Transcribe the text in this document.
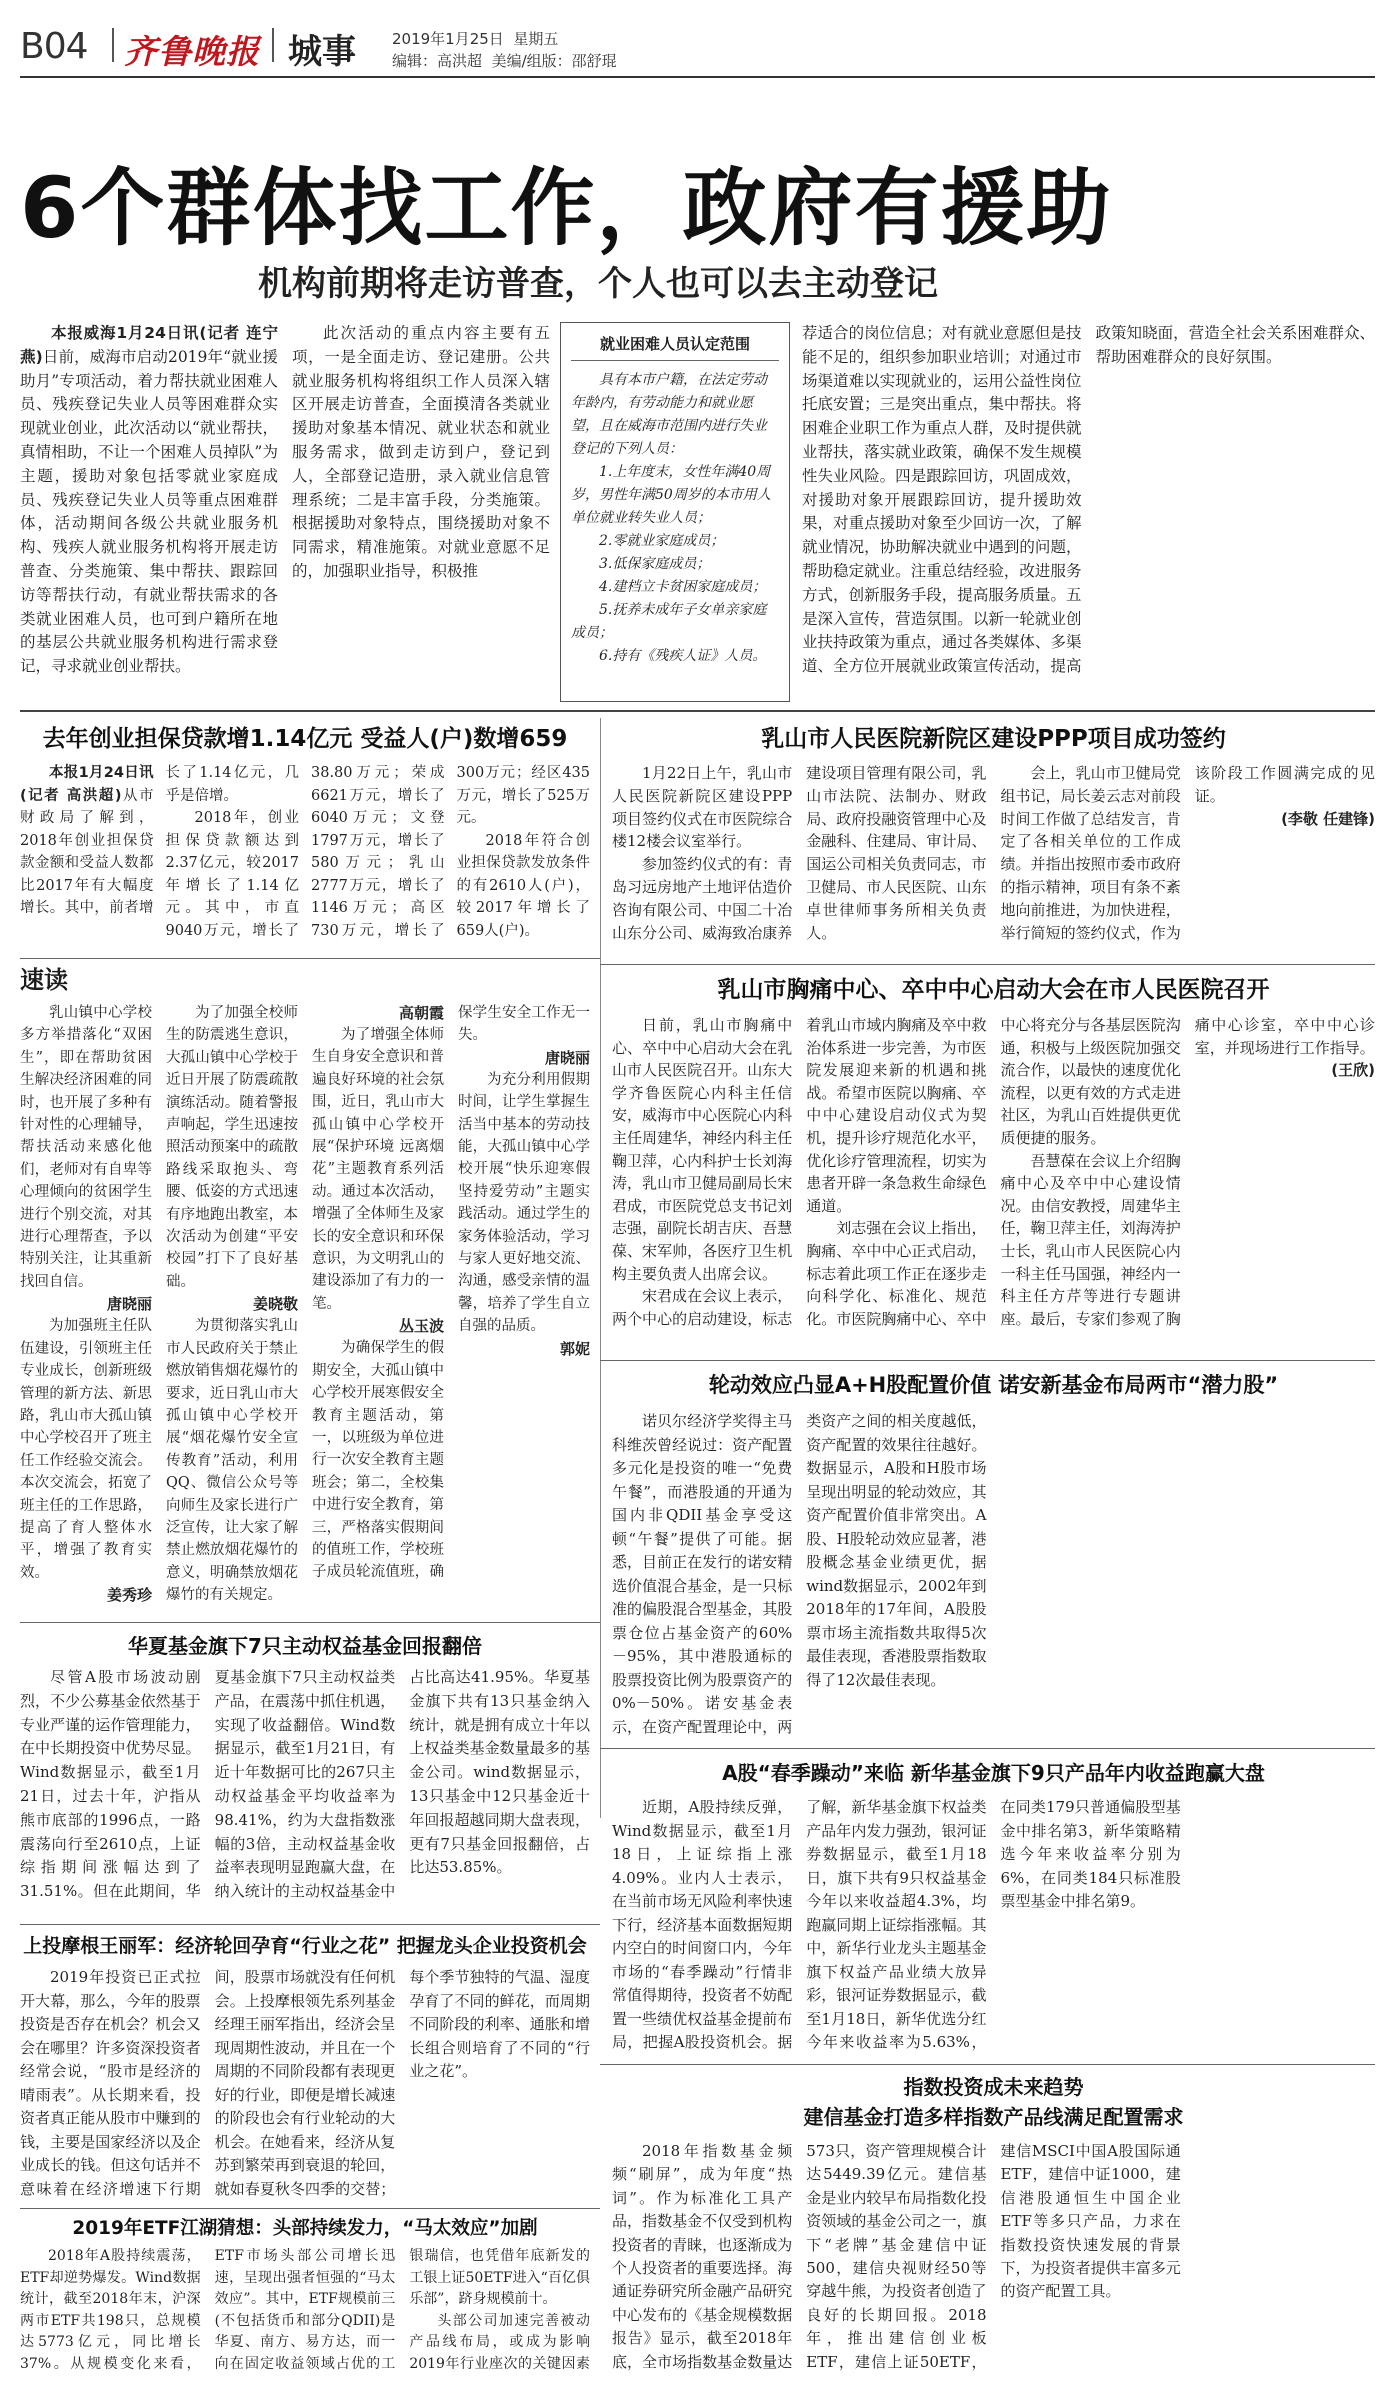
B04 齐鲁晚报 城事 2019年1月25日 星期五
编辑：高洪超 美编/组版：邵舒琨
6个群体找工作，政府有援助
机构前期将走访普查，个人也可以去主动登记

本报威海1月24日讯(记者 连宁燕)日前，威海市启动2019年“就业援助月”专项活动，着力帮扶就业困难人员、残疾登记失业人员等困难群众实现就业创业，此次活动以“就业帮扶，真情相助，不让一个困难人员掉队”为主题，援助对象包括零就业家庭成员、残疾登记失业人员等重点困难群体，活动期间各级公共就业服务机构、残疾人就业服务机构将开展走访普查、分类施策、集中帮扶、跟踪回访等帮扶行动，有就业帮扶需求的各类就业困难人员，也可到户籍所在地的基层公共就业服务机构进行需求登记，寻求就业创业帮扶。

此次活动的重点内容主要有五项，一是全面走访、登记建册。公共就业服务机构将组织工作人员深入辖区开展走访普查，全面摸清各类就业援助对象基本情况、就业状态和就业服务需求，做到走访到户，登记到人，全部登记造册，录入就业信息管理系统；二是丰富手段，分类施策。根据援助对象特点，围绕援助对象不同需求，精准施策。对就业意愿不足的，加强职业指导，积极推

就业困难人员认定范围

具有本市户籍，在法定劳动年龄内，有劳动能力和就业愿望，且在威海市范围内进行失业登记的下列人员：

1.上年度末，女性年满40周岁，男性年满50周岁的本市用人单位就业转失业人员；

2.零就业家庭成员；

3.低保家庭成员；

4.建档立卡贫困家庭成员；

5.抚养未成年子女单亲家庭成员；

6.持有《残疾人证》人员。

荐适合的岗位信息；对有就业意愿但是技能不足的，组织参加职业培训；对通过市场渠道难以实现就业的，运用公益性岗位托底安置；三是突出重点，集中帮扶。将困难企业职工作为重点人群，及时提供就业帮扶，落实就业政策，确保不发生规模性失业风险。四是跟踪回访，巩固成效，对援助对象开展跟踪回访，提升援助效果，对重点援助对象至少回访一次，了解就业情况，协助解决就业中遇到的问题，帮助稳定就业。注重总结经验，改进服务方式，创新服务手段，提高服务质量。五是深入宣传，营造氛围。以新一轮就业创业扶持政策为重点，通过各类媒体、多渠道、全方位开展就业政策宣传活动，提高政策知晓面，营造全社会关系困难群众、帮助困难群众的良好氛围。

去年创业担保贷款增1.14亿元 受益人(户)数增659

本报1月24日讯(记者 高洪超)从市财政局了解到，2018年创业担保贷款金额和受益人数都比2017年有大幅度增长。其中，前者增长了1.14亿元，几乎是倍增。

2018年，创业担保贷款额达到2.37亿元，较2017年增长了1.14亿元。其中，市直9040万元，增长了38.80万元；荣成6621万元，增长了6040万元；文登1797万元，增长了580万元；乳山2777万元，增长了1146万元；高区730万元，增长了300万元；经区435万元，增长了525万元。

2018年符合创业担保贷款发放条件的有2610人(户)，较2017年增长了659人(户)。

乳山市人民医院新院区建设PPP项目成功签约

1月22日上午，乳山市人民医院新院区建设PPP项目签约仪式在市医院综合楼12楼会议室举行。

参加签约仪式的有：青岛习远房地产土地评估造价咨询有限公司、中国二十冶山东分公司、威海致冶康养建设项目管理有限公司，乳山市法院、法制办、财政局、政府投融资管理中心及金融科、住建局、审计局、国运公司相关负责同志，市卫健局、市人民医院、山东卓世律师事务所相关负责人。

会上，乳山市卫健局党组书记，局长姜云志对前段时间工作做了总结发言，肯定了各相关单位的工作成绩。并指出按照市委市政府的指示精神，项目有条不紊地向前推进，为加快进程，举行简短的签约仪式，作为该阶段工作圆满完成的见证。

(李敬 任建锋)
速读

乳山镇中心学校多方举措落化“双困生”，即在帮助贫困生解决经济困难的同时，也开展了多种有针对性的心理辅导，帮扶活动来感化他们，老师对有自卑等心理倾向的贫困学生进行个别交流，对其进行心理帮查，予以特别关注，让其重新找回自信。

唐晓丽

为加强班主任队伍建设，引领班主任专业成长，创新班级管理的新方法、新思路，乳山市大孤山镇中心学校召开了班主任工作经验交流会。本次交流会，拓宽了班主任的工作思路，提高了育人整体水平，增强了教育实效。

姜秀珍

为了加强全校师生的防震逃生意识，大孤山镇中心学校于近日开展了防震疏散演练活动。随着警报声响起，学生迅速按照活动预案中的疏散路线采取抱头、弯腰、低姿的方式迅速有序地跑出教室，本次活动为创建“平安校园”打下了良好基础。

姜晓敬

为贯彻落实乳山市人民政府关于禁止燃放销售烟花爆竹的要求，近日乳山市大孤山镇中心学校开展“烟花爆竹安全宣传教育”活动，利用QQ、微信公众号等向师生及家长进行广泛宣传，让大家了解禁止燃放烟花爆竹的意义，明确禁放烟花爆竹的有关规定。

高朝霞

为了增强全体师生自身安全意识和普遍良好环境的社会氛围，近日，乳山市大孤山镇中心学校开展“保护环境 远离烟花”主题教育系列活动。通过本次活动，增强了全体师生及家长的安全意识和环保意识，为文明乳山的建设添加了有力的一笔。

丛玉波

为确保学生的假期安全，大孤山镇中心学校开展寒假安全教育主题活动，第一，以班级为单位进行一次安全教育主题班会；第二，全校集中进行安全教育，第三，严格落实假期间的值班工作，学校班子成员轮流值班，确保学生安全工作无一失。

唐晓丽

为充分利用假期时间，让学生掌握生活当中基本的劳动技能，大孤山镇中心学校开展“快乐迎寒假 坚持爱劳动”主题实践活动。通过学生的家务体验活动，学习与家人更好地交流、沟通，感受亲情的温馨，培养了学生自立自强的品质。

郭妮
乳山市胸痛中心、卒中中心启动大会在市人民医院召开

日前，乳山市胸痛中心、卒中中心启动大会在乳山市人民医院召开。山东大学齐鲁医院心内科主任信安，威海市中心医院心内科主任周建华，神经内科主任鞠卫萍，心内科护士长刘海涛，乳山市卫健局副局长宋君成，市医院党总支书记刘志强，副院长胡吉庆、吾慧葆、宋军帅，各医疗卫生机构主要负责人出席会议。

宋君成在会议上表示，两个中心的启动建设，标志着乳山市域内胸痛及卒中救治体系进一步完善，为市医院发展迎来新的机遇和挑战。希望市医院以胸痛、卒中中心建设启动仪式为契机，提升诊疗规范化水平，优化诊疗管理流程，切实为患者开辟一条急救生命绿色通道。

刘志强在会议上指出，胸痛、卒中中心正式启动，标志着此项工作正在逐步走向科学化、标准化、规范化。市医院胸痛中心、卒中中心将充分与各基层医院沟通，积极与上级医院加强交流合作，以最快的速度优化流程，以更有效的方式走进社区，为乳山百姓提供更优质便捷的服务。

吾慧葆在会议上介绍胸痛中心及卒中中心建设情况。由信安教授，周建华主任，鞠卫萍主任，刘海涛护士长，乳山市人民医院心内一科主任马国强，神经内一科主任方芹等进行专题讲座。最后，专家们参观了胸痛中心诊室，卒中中心诊室，并现场进行工作指导。

(王欣)
轮动效应凸显A+H股配置价值 诺安新基金布局两市“潜力股”

诺贝尔经济学奖得主马科维茨曾经说过：资产配置多元化是投资的唯一“免费午餐”，而港股通的开通为国内非QDII基金享受这顿“午餐”提供了可能。据悉，目前正在发行的诺安精选价值混合基金，是一只标准的偏股混合型基金，其股票仓位占基金资产的60%－95%，其中港股通标的股票投资比例为股票资产的0%－50%。诺安基金表示，在资产配置理论中，两类资产之间的相关度越低，资产配置的效果往往越好。数据显示，A股和H股市场呈现出明显的轮动效应，其资产配置价值非常突出。A股、H股轮动效应显著，港股概念基金业绩更优，据wind数据显示，2002年到2018年的17年间，A股股票市场主流指数共取得5次最佳表现，香港股票指数取得了12次最佳表现。

华夏基金旗下7只主动权益基金回报翻倍

尽管A股市场波动剧烈，不少公募基金依然基于专业严谨的运作管理能力，在中长期投资中优势尽显。Wind数据显示，截至1月21日，过去十年，沪指从熊市底部的1996点，一路震荡向行至2610点，上证综指期间涨幅达到了31.51%。但在此期间，华夏基金旗下7只主动权益类产品，在震荡中抓住机遇，实现了收益翻倍。Wind数据显示，截至1月21日，有近十年数据可比的267只主动权益基金平均收益率为98.41%，约为大盘指数涨幅的3倍，主动权益基金收益率表现明显跑赢大盘，在纳入统计的主动权益基金中占比高达41.95%。华夏基金旗下共有13只基金纳入统计，就是拥有成立十年以上权益类基金数量最多的基金公司。wind数据显示，13只基金中12只基金近十年回报超越同期大盘表现，更有7只基金回报翻倍，占比达53.85%。

A股“春季躁动”来临 新华基金旗下9只产品年内收益跑赢大盘

近期，A股持续反弹，Wind数据显示，截至1月18日，上证综指上涨4.09%。业内人士表示，在当前市场无风险利率快速下行，经济基本面数据短期内空白的时间窗口内，今年市场的“春季躁动”行情非常值得期待，投资者不妨配置一些绩优权益基金提前布局，把握A股投资机会。据了解，新华基金旗下权益类产品年内发力强劲，银河证券数据显示，截至1月18日，旗下共有9只权益基金今年以来收益超4.3%，均跑赢同期上证综指涨幅。其中，新华行业龙头主题基金旗下权益产品业绩大放异彩，银河证券数据显示，截至1月18日，新华优选分红今年来收益率为5.63%，在同类179只普通偏股型基金中排名第3，新华策略精选今年来收益率分别为6%，在同类184只标准股票型基金中排名第9。

上投摩根王丽军：经济轮回孕育“行业之花” 把握龙头企业投资机会

2019年投资已正式拉开大幕，那么，今年的股票投资是否存在机会？机会又会在哪里？许多资深投资者经常会说，“股市是经济的晴雨表”。从长期来看，投资者真正能从股市中赚到的钱，主要是国家经济以及企业成长的钱。但这句话并不意味着在经济增速下行期间，股票市场就没有任何机会。上投摩根领先系列基金经理王丽军指出，经济会呈现周期性波动，并且在一个周期的不同阶段都有表现更好的行业，即便是增长减速的阶段也会有行业轮动的大机会。在她看来，经济从复苏到繁荣再到衰退的轮回，就如春夏秋冬四季的交替；每个季节独特的气温、湿度孕育了不同的鲜花，而周期不同阶段的利率、通胀和增长组合则培育了不同的“行业之花”。

2019年ETF江湖猜想：头部持续发力，“马太效应”加剧

2018年A股持续震荡，ETF却逆势爆发。Wind数据统计，截至2018年末，沪深两市ETF共198只，总规模达5773亿元，同比增长37%。从规模变化来看，ETF市场头部公司增长迅速，呈现出强者恒强的“马太效应”。其中，ETF规模前三(不包括货币和部分QDII)是华夏、南方、易方达，而一向在固定收益领域占优的工银瑞信，也凭借年底新发的工银上证50ETF进入“百亿俱乐部”，跻身规模前十。

头部公司加速完善被动产品线布局，或成为影响2019年行业座次的关键因素

指数投资成未来趋势
建信基金打造多样指数产品线满足配置需求

2018年指数基金频频“刷屏”，成为年度“热词”。作为标准化工具产品，指数基金不仅受到机构投资者的青睐，也逐渐成为个人投资者的重要选择。海通证券研究所金融产品研究中心发布的《基金规模数据报告》显示，截至2018年底，全市场指数基金数量达573只，资产管理规模合计达5449.39亿元。建信基金是业内较早布局指数化投资领域的基金公司之一，旗下“老牌”基金建信中证500，建信央视财经50等穿越牛熊，为投资者创造了良好的长期回报。2018年，推出建信创业板ETF，建信上证50ETF，建信MSCI中国A股国际通ETF，建信中证1000，建信港股通恒生中国企业ETF等多只产品，力求在指数投资快速发展的背景下，为投资者提供丰富多元的资产配置工具。
